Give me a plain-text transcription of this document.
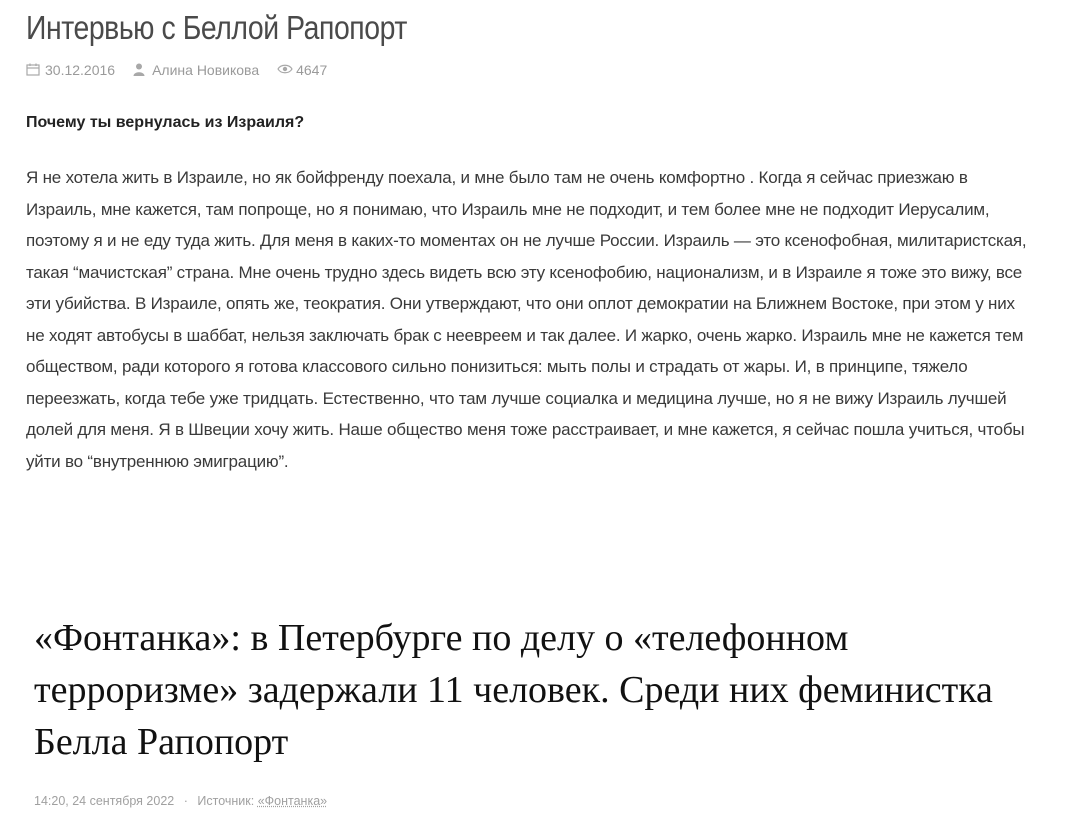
Интервью с Беллой Рапопорт
30.12.2016	Алина Новикова	4647
Почему ты вернулась из Израиля?

Я не хотела жить в Израиле, но як бойфренду поехала, и мне было там не очень комфортно . Когда я сейчас приезжаю в Израиль, мне кажется, там попроще, но я понимаю, что Израиль мне не подходит, и тем более мне не подходит Иерусалим, поэтому я и не еду туда жить. Для меня в каких-то моментах он не лучше России. Израиль — это ксенофобная, милитаристская, такая “мачистская” страна. Мне очень трудно здесь видеть всю эту ксенофобию, национализм, и в Израиле я тоже это вижу, все эти убийства. В Израиле, опять же, теократия. Они утверждают, что они оплот демократии на Ближнем Востоке, при этом у них не ходят автобусы в шаббат, нельзя заключать брак с неевреем и так далее. И жарко, очень жарко. Израиль мне не кажется тем обществом, ради которого я готова классового сильно понизиться: мыть полы и страдать от жары. И, в принципе, тяжело переезжать, когда тебе уже тридцать. Естественно, что там лучше социалка и медицина лучше, но я не вижу Израиль лучшей долей для меня. Я в Швеции хочу жить. Наше общество меня тоже расстраивает, и мне кажется, я сейчас пошла учиться, чтобы уйти во “внутреннюю эмиграцию”.

«Фонтанка»: в Петербурге по делу о «телефонном терроризме» задержали 11 человек. Среди них феминистка Белла Рапопорт
14:20, 24 сентября 2022 · Источник: «Фонтанка»
